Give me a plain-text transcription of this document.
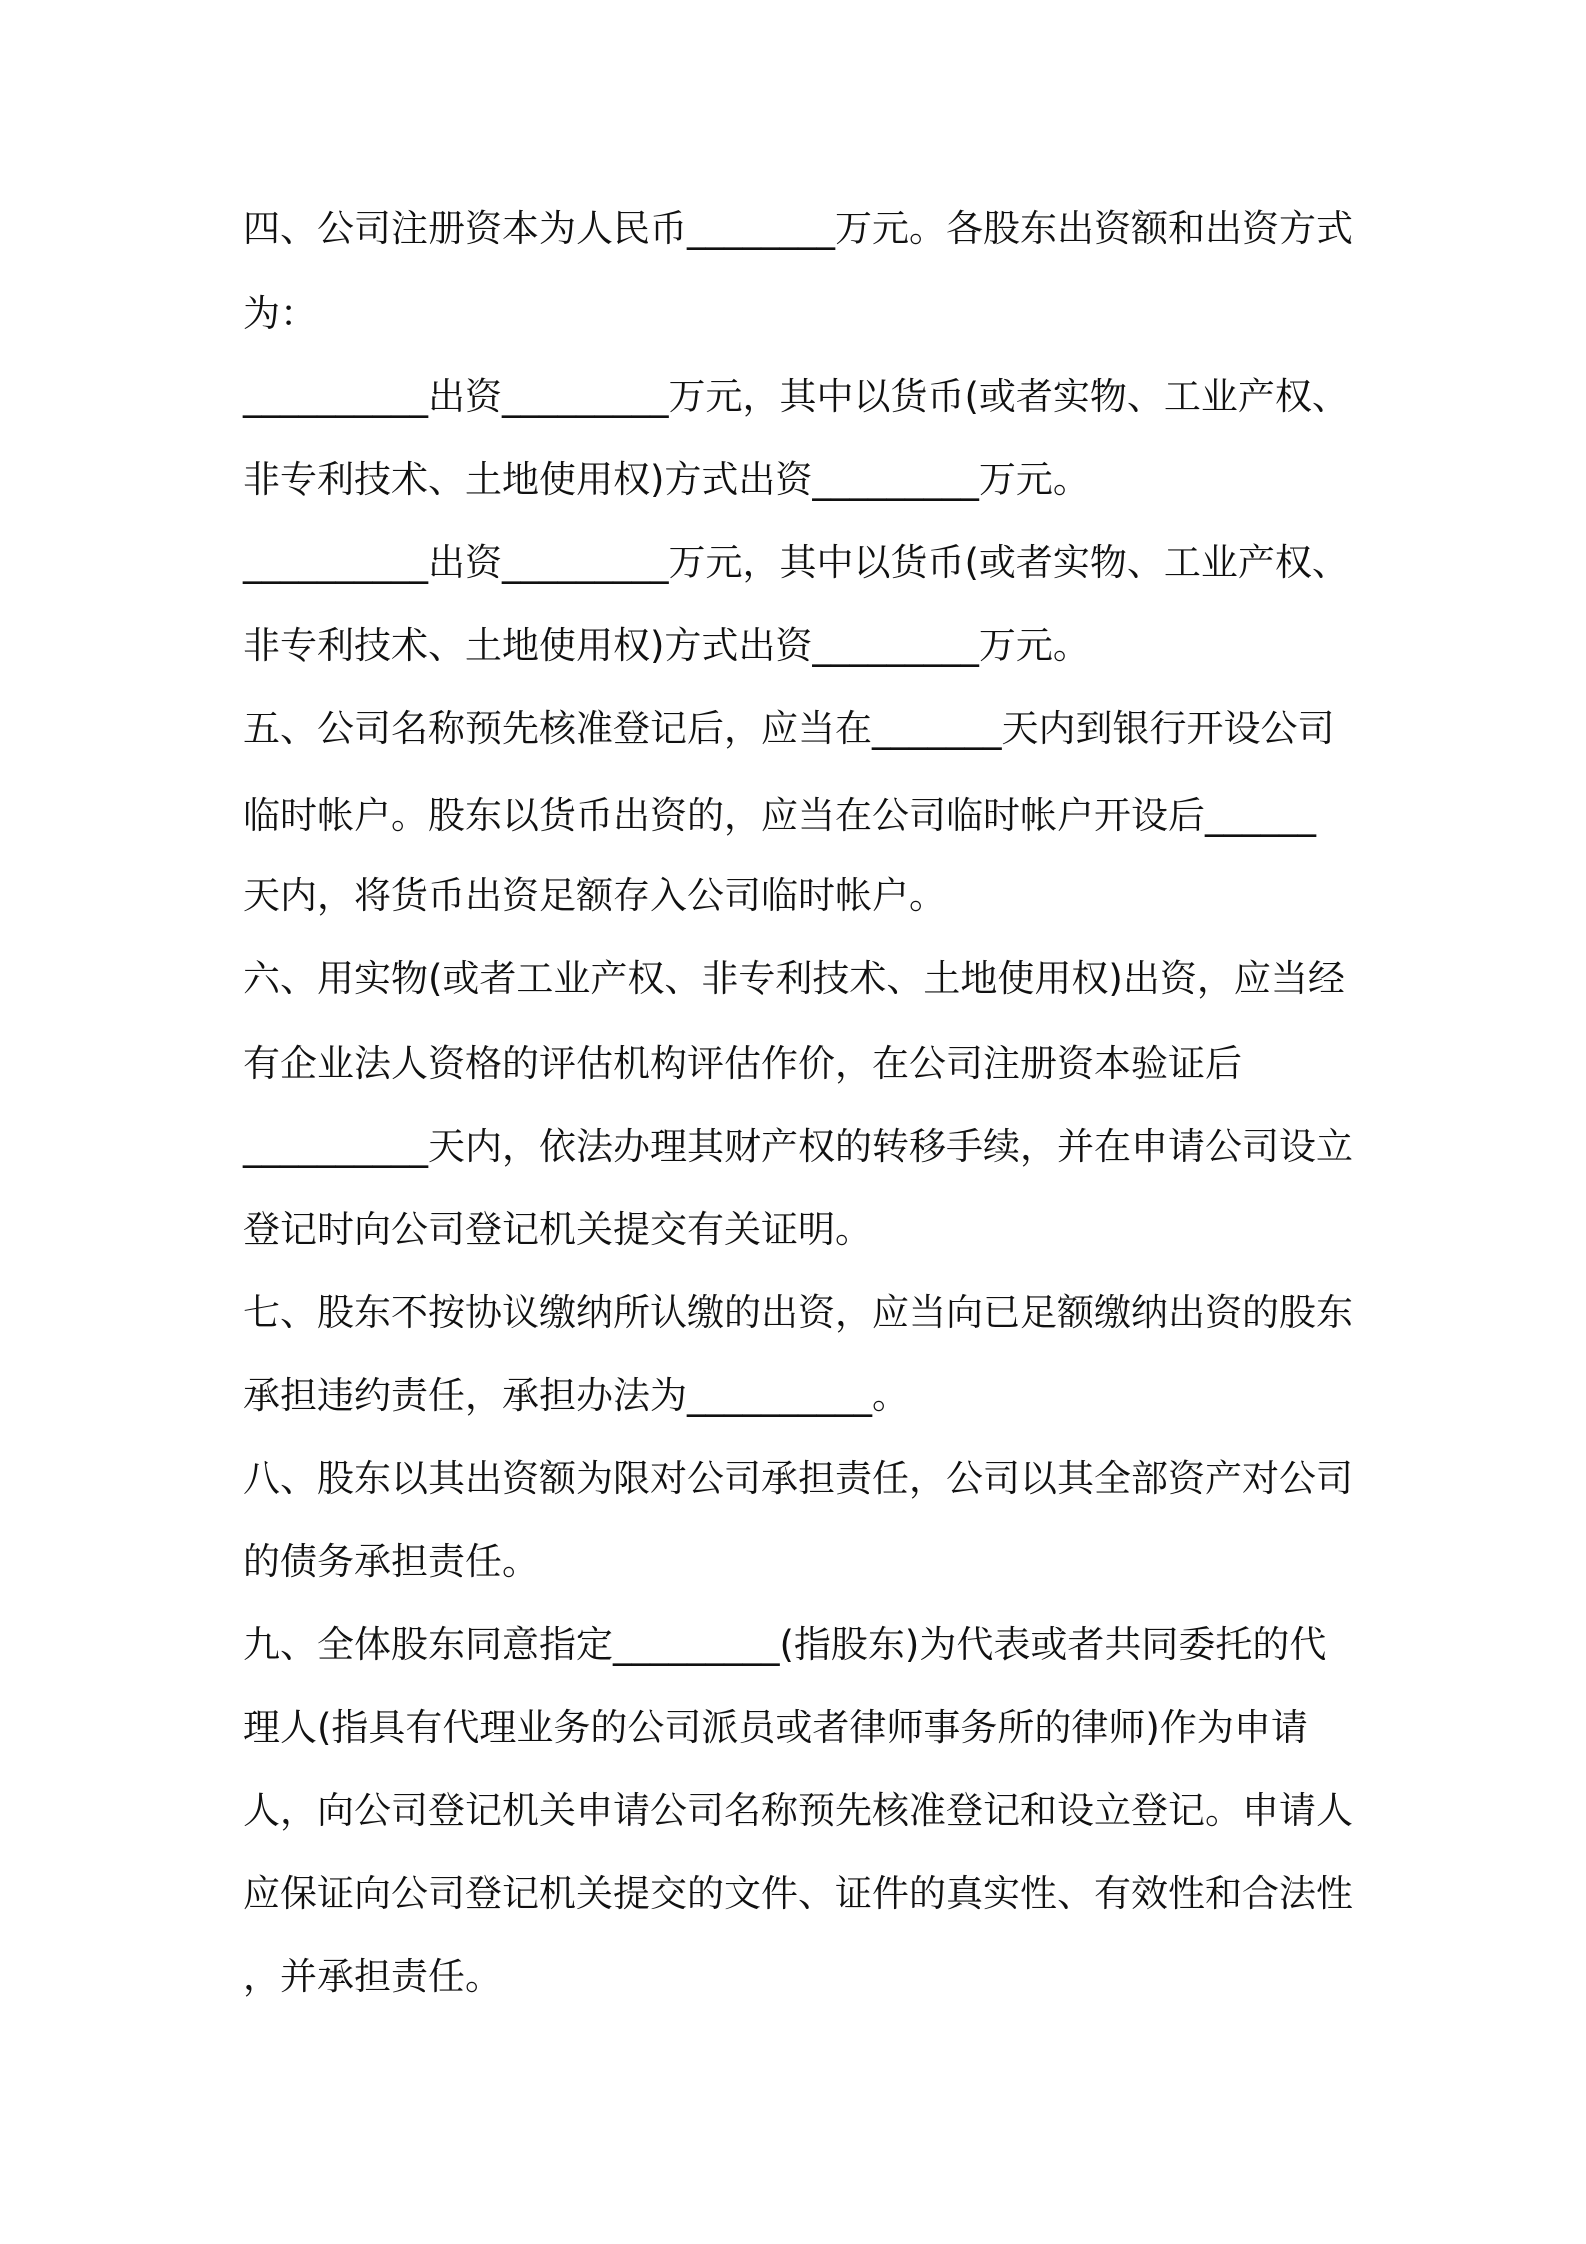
四、公司注册资本为人民币________万元。各股东出资额和出资方式
为：
__________出资_________万元，其中以货币(或者实物、工业产权、
非专利技术、土地使用权)方式出资_________万元。
__________出资_________万元，其中以货币(或者实物、工业产权、
非专利技术、土地使用权)方式出资_________万元。
五、公司名称预先核准登记后，应当在_______天内到银行开设公司
临时帐户。股东以货币出资的，应当在公司临时帐户开设后______
天内，将货币出资足额存入公司临时帐户。
六、用实物(或者工业产权、非专利技术、土地使用权)出资，应当经
有企业法人资格的评估机构评估作价，在公司注册资本验证后
__________天内，依法办理其财产权的转移手续，并在申请公司设立
登记时向公司登记机关提交有关证明。
七、股东不按协议缴纳所认缴的出资，应当向已足额缴纳出资的股东
承担违约责任，承担办法为__________。
八、股东以其出资额为限对公司承担责任，公司以其全部资产对公司
的债务承担责任。
九、全体股东同意指定_________(指股东)为代表或者共同委托的代
理人(指具有代理业务的公司派员或者律师事务所的律师)作为申请
人，向公司登记机关申请公司名称预先核准登记和设立登记。申请人
应保证向公司登记机关提交的文件、证件的真实性、有效性和合法性
，并承担责任。
